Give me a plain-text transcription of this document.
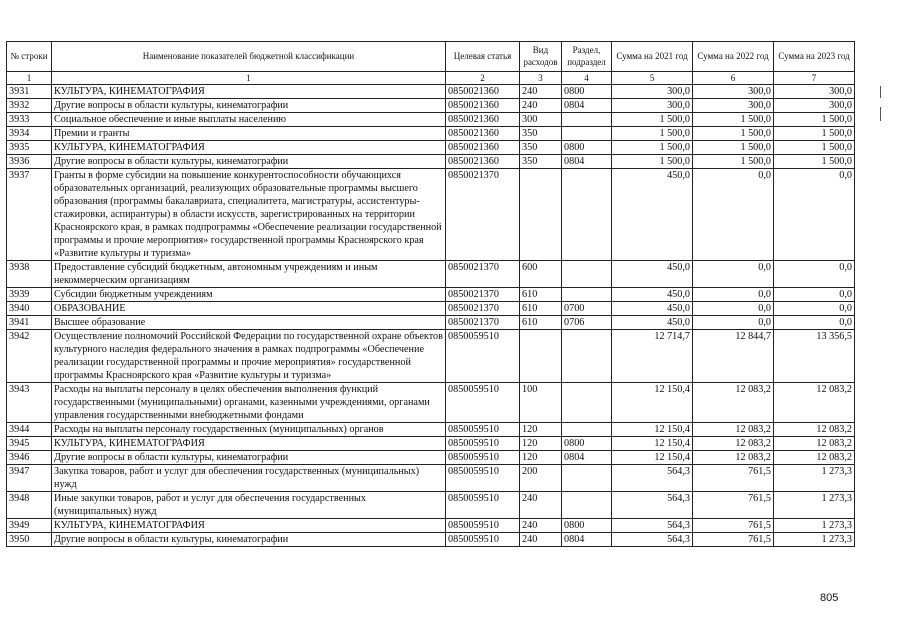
№ строки	Наименование показателей бюджетной классификации	Целевая статья	Вид расходов	Раздел, подраздел	Сумма на 2021 год	Сумма на 2022 год	Сумма на 2023 год
1	1	2	3	4	5	6	7
3931	КУЛЬТУРА, КИНЕМАТОГРАФИЯ	0850021360	240	0800	300,0	300,0	300,0
3932	Другие вопросы в области культуры, кинематографии	0850021360	240	0804	300,0	300,0	300,0
3933	Социальное обеспечение и иные выплаты населению	0850021360	300		1 500,0	1 500,0	1 500,0
3934	Премии и гранты	0850021360	350		1 500,0	1 500,0	1 500,0
3935	КУЛЬТУРА, КИНЕМАТОГРАФИЯ	0850021360	350	0800	1 500,0	1 500,0	1 500,0
3936	Другие вопросы в области культуры, кинематографии	0850021360	350	0804	1 500,0	1 500,0	1 500,0
3937	Гранты в форме субсидии на повышение конкурентоспособности обучающихся образовательных организаций, реализующих образовательные программы высшего образования (программы бакалавриата, специалитета, магистратуры, ассистентуры-стажировки, аспирантуры) в области искусств, зарегистрированных на территории Красноярского края, в рамках подпрограммы «Обеспечение реализации государственной программы и прочие мероприятия» государственной программы Красноярского края «Развитие культуры и туризма»	0850021370			450,0	0,0	0,0
3938	Предоставление субсидий бюджетным, автономным учреждениям и иным некоммерческим организациям	0850021370	600		450,0	0,0	0,0
3939	Субсидии бюджетным учреждениям	0850021370	610		450,0	0,0	0,0
3940	ОБРАЗОВАНИЕ	0850021370	610	0700	450,0	0,0	0,0
3941	Высшее образование	0850021370	610	0706	450,0	0,0	0,0
3942	Осуществление полномочий Российской Федерации по государственной охране объектов культурного наследия федерального значения в рамках подпрограммы «Обеспечение реализации государственной программы и прочие мероприятия» государственной программы Красноярского края «Развитие культуры и туризма»	0850059510			12 714,7	12 844,7	13 356,5
3943	Расходы на выплаты персоналу в целях обеспечения выполнения функций государственными (муниципальными) органами, казенными учреждениями, органами управления государственными внебюджетными фондами	0850059510	100		12 150,4	12 083,2	12 083,2
3944	Расходы на выплаты персоналу государственных (муниципальных) органов	0850059510	120		12 150,4	12 083,2	12 083,2
3945	КУЛЬТУРА, КИНЕМАТОГРАФИЯ	0850059510	120	0800	12 150,4	12 083,2	12 083,2
3946	Другие вопросы в области культуры, кинематографии	0850059510	120	0804	12 150,4	12 083,2	12 083,2
3947	Закупка товаров, работ и услуг для обеспечения государственных (муниципальных) нужд	0850059510	200		564,3	761,5	1 273,3
3948	Иные закупки товаров, работ и услуг для обеспечения государственных (муниципальных) нужд	0850059510	240		564,3	761,5	1 273,3
3949	КУЛЬТУРА, КИНЕМАТОГРАФИЯ	0850059510	240	0800	564,3	761,5	1 273,3
3950	Другие вопросы в области культуры, кинематографии	0850059510	240	0804	564,3	761,5	1 273,3
805
